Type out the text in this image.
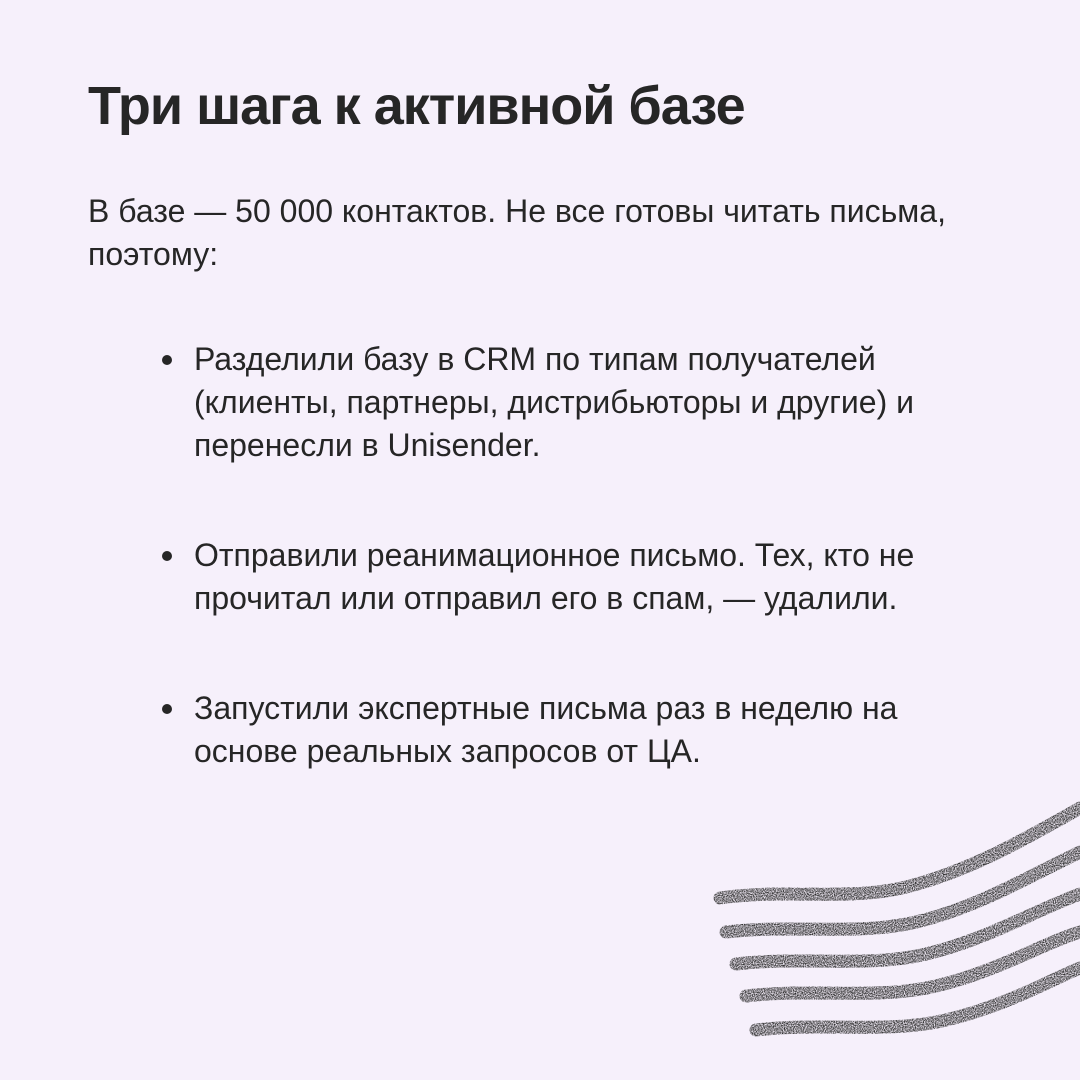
Три шага к активной базе

В базе — 50 000 контактов. Не все готовы читать письма, поэтому:

Разделили базу в CRM по типам получателей (клиенты, партнеры, дистрибьюторы и другие) и перенесли в Unisender.
Отправили реанимационное письмо. Тех, кто не прочитал или отправил его в спам, — удалили.
Запустили экспертные письма раз в неделю на основе реальных запросов от ЦА.
